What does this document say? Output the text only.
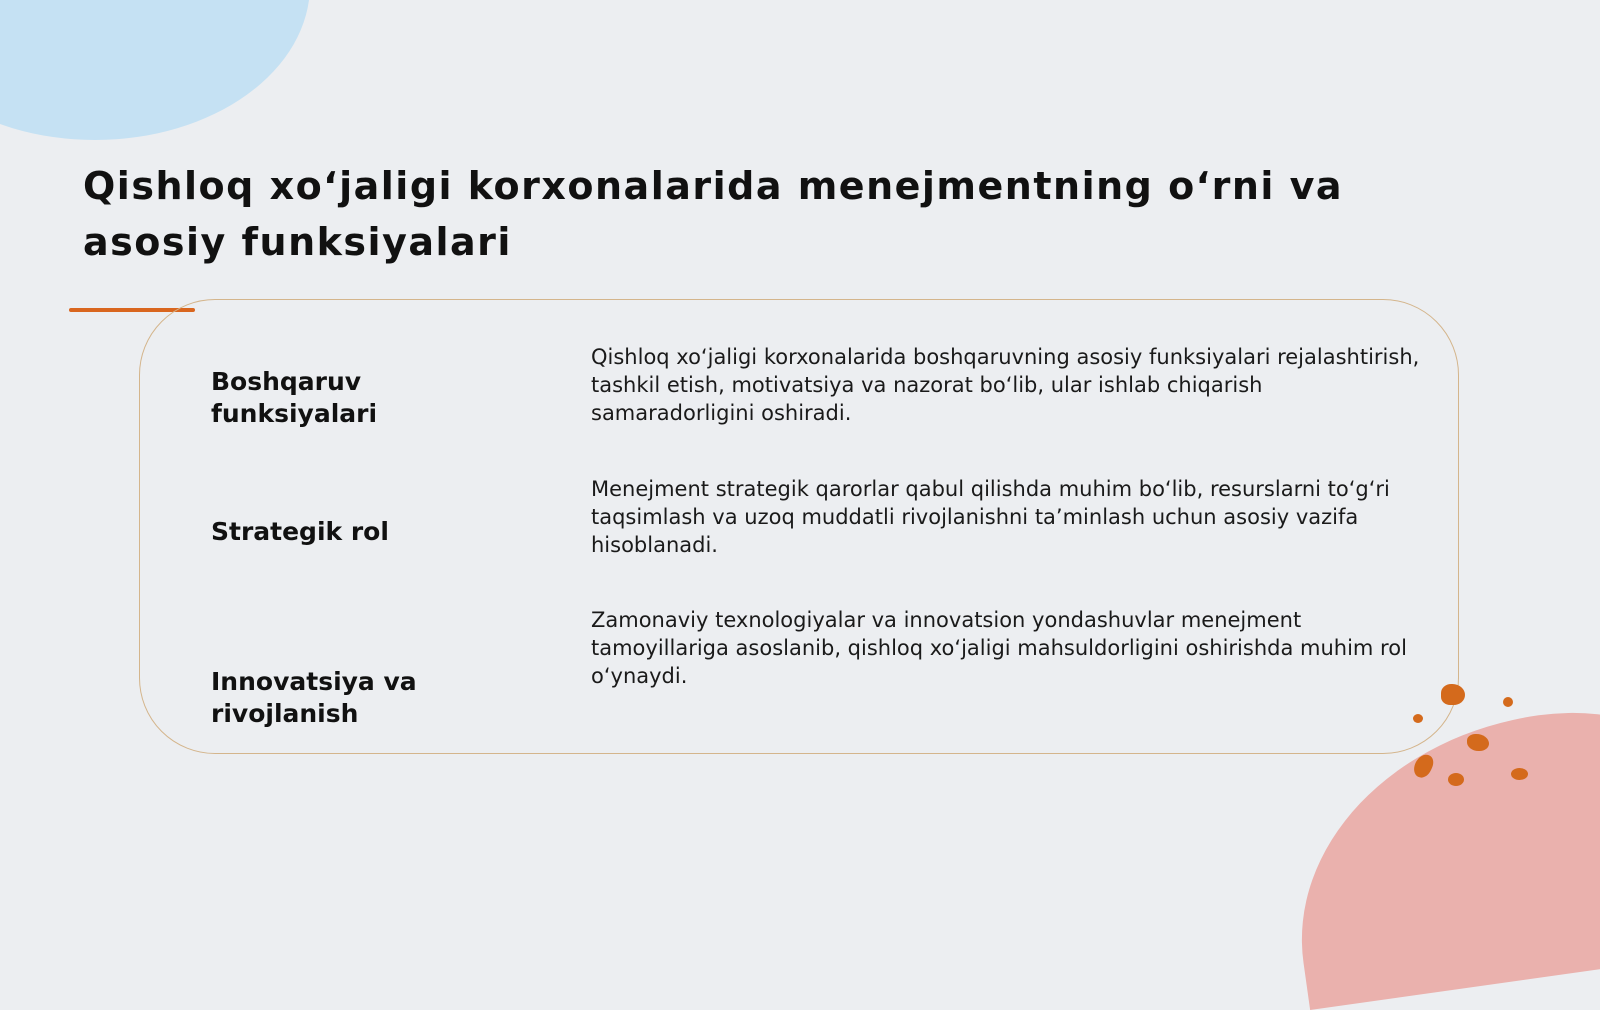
Qishloq xo‘jaligi korxonalarida menejmentning o‘rni va asosiy funksiyalari
Boshqaruv funksiyalari
Qishloq xo‘jaligi korxonalarida boshqaruvning asosiy funksiyalari rejalashtirish, tashkil etish, motivatsiya va nazorat bo‘lib, ular ishlab chiqarish samaradorligini oshiradi.
Strategik rol
Menejment strategik qarorlar qabul qilishda muhim bo‘lib, resurslarni to‘g‘ri taqsimlash va uzoq muddatli rivojlanishni ta’minlash uchun asosiy vazifa hisoblanadi.
Innovatsiya va rivojlanish
Zamonaviy texnologiyalar va innovatsion yondashuvlar menejment tamoyillariga asoslanib, qishloq xo‘jaligi mahsuldorligini oshirishda muhim rol o‘ynaydi.
